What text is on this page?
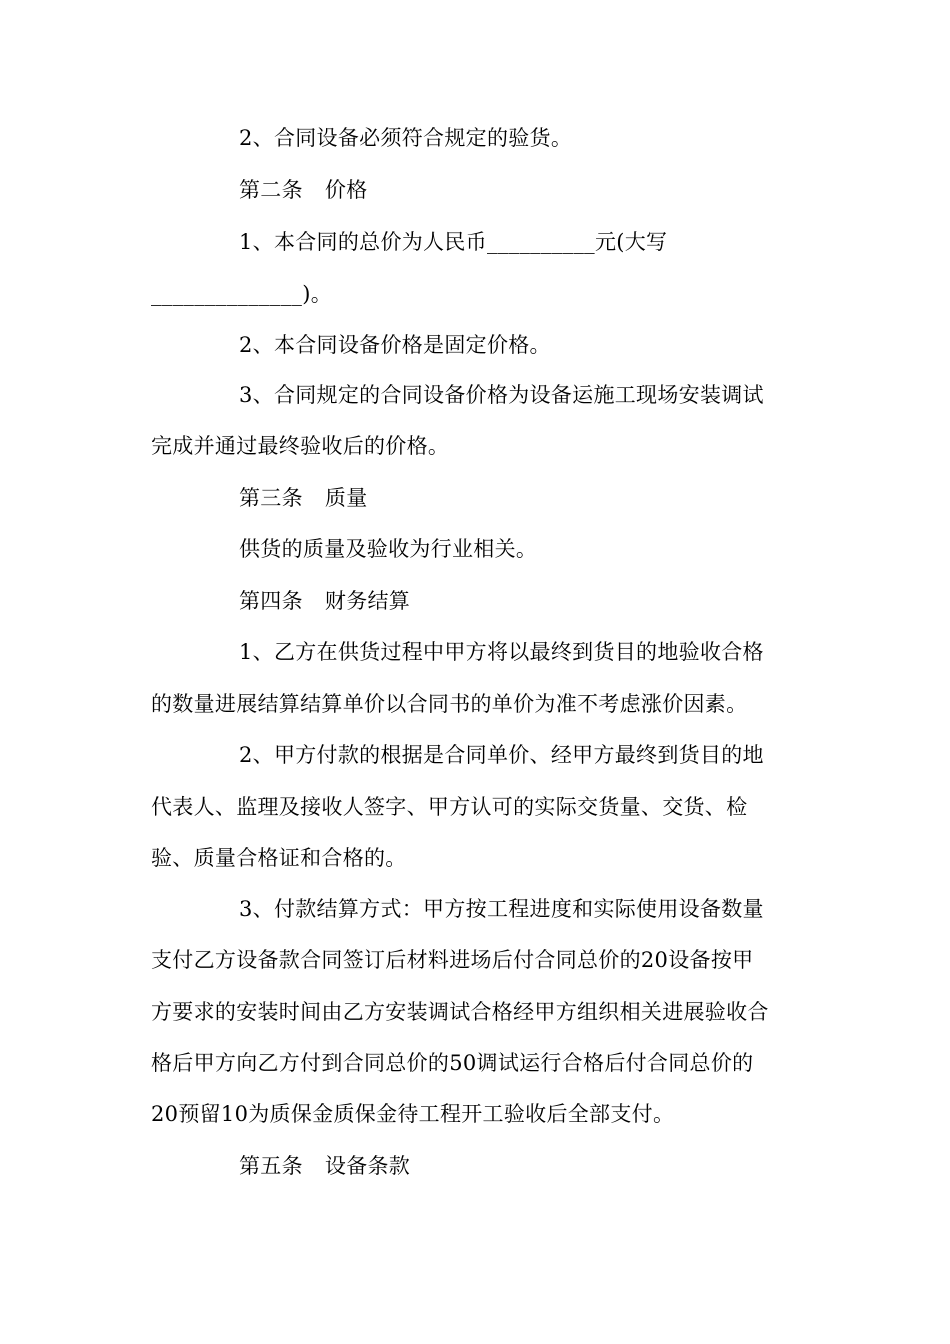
2、合同设备必须符合规定的验货。
第二条 价格
1、本合同的总价为人民币__________元(大写
______________)。
2、本合同设备价格是固定价格。
3、合同规定的合同设备价格为设备运施工现场安装调试
完成并通过最终验收后的价格。
第三条 质量
供货的质量及验收为行业相关。
第四条 财务结算
1、乙方在供货过程中甲方将以最终到货目的地验收合格
的数量进展结算结算单价以合同书的单价为准不考虑涨价因素。
2、甲方付款的根据是合同单价、经甲方最终到货目的地
代表人、监理及接收人签字、甲方认可的实际交货量、交货、检
验、质量合格证和合格的。
3、付款结算方式：甲方按工程进度和实际使用设备数量
支付乙方设备款合同签订后材料进场后付合同总价的20设备按甲
方要求的安装时间由乙方安装调试合格经甲方组织相关进展验收合
格后甲方向乙方付到合同总价的50调试运行合格后付合同总价的
20预留10为质保金质保金待工程开工验收后全部支付。
第五条 设备条款
